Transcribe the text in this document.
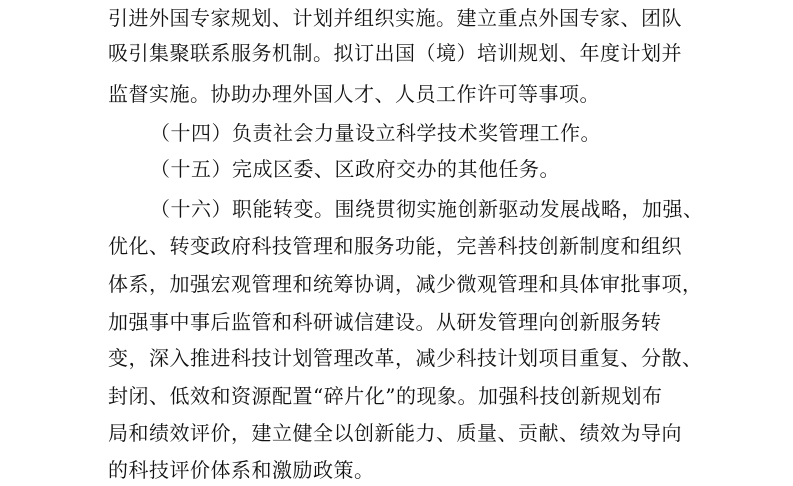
引进外国专家规划、计划并组织实施。建立重点外国专家、团队
吸引集聚联系服务机制。拟订出国（境）培训规划、年度计划并
监督实施。协助办理外国人才、人员工作许可等事项。
（十四）负责社会力量设立科学技术奖管理工作。
（十五）完成区委、区政府交办的其他任务。
（十六）职能转变。围绕贯彻实施创新驱动发展战略，加强、
优化、转变政府科技管理和服务功能，完善科技创新制度和组织
体系，加强宏观管理和统筹协调，减少微观管理和具体审批事项，
加强事中事后监管和科研诚信建设。从研发管理向创新服务转
变，深入推进科技计划管理改革，减少科技计划项目重复、分散、
封闭、低效和资源配置“碎片化”的现象。加强科技创新规划布
局和绩效评价，建立健全以创新能力、质量、贡献、绩效为导向
的科技评价体系和激励政策。
